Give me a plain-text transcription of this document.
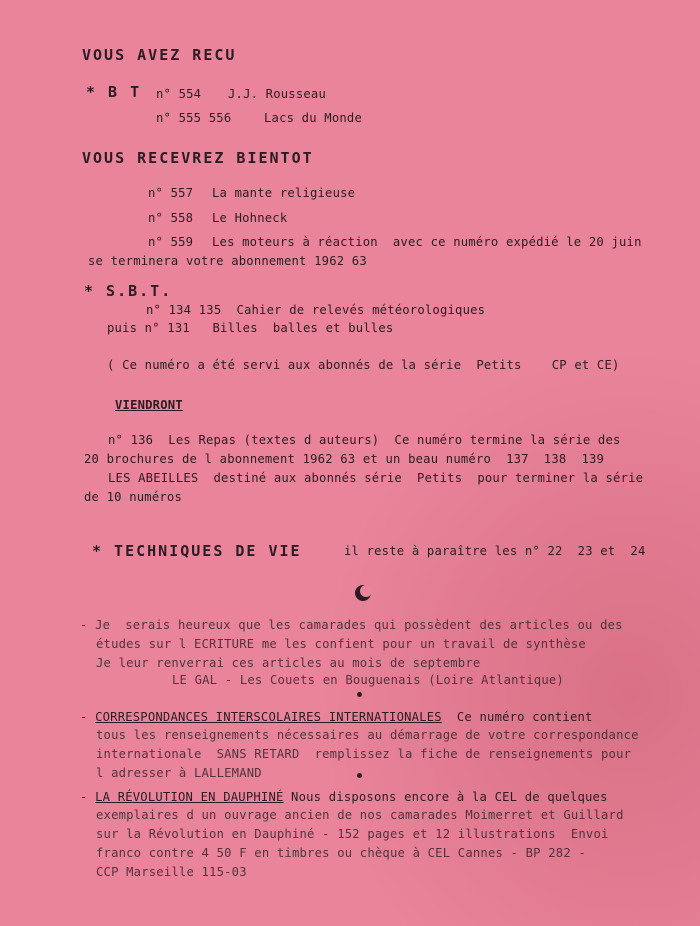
VOUS AVEZ RECU
* B T n° 554 J.J. Rousseau
n° 555 556	Lacs du Monde
VOUS RECEVREZ BIENTOT
n° 557 La mante religieuse
n° 558 Le Hohneck
n° 559 Les moteurs à réaction  avec ce numéro expédié le 20 juin
se terminera votre abonnement 1962 63
* S.B.T.
n° 134 135  Cahier de relevés météorologiques
puis n° 131   Billes  balles et bulles
( Ce numéro a été servi aux abonnés de la série  Petits    CP et CE)
VIENDRONT
n° 136  Les Repas (textes d auteurs)  Ce numéro termine la série des
20 brochures de l abonnement 1962 63 et un beau numéro  137  138  139
LES ABEILLES  destiné aux abonnés série  Petits  pour terminer la série
de 10 numéros
* TECHNIQUES DE VIE	il reste à paraître les n° 22  23 et  24
- Je  serais heureux que les camarades qui possèdent des articles ou des
études sur l ECRITURE me les confient pour un travail de synthèse
Je leur renverrai ces articles au mois de septembre
LE GAL - Les Couets en Bouguenais (Loire Atlantique)
- CORRESPONDANCES INTERSCOLAIRES INTERNATIONALES  Ce numéro contient
tous les renseignements nécessaires au démarrage de votre correspondance
internationale  SANS RETARD  remplissez la fiche de renseignements pour
l adresser à LALLEMAND
- LA RÉVOLUTION EN DAUPHINÉ Nous disposons encore à la CEL de quelques
exemplaires d un ouvrage ancien de nos camarades Moimerret et Guillard
sur la Révolution en Dauphiné - 152 pages et 12 illustrations  Envoi
franco contre 4 50 F en timbres ou chèque à CEL Cannes - BP 282 -
CCP Marseille 115-03
